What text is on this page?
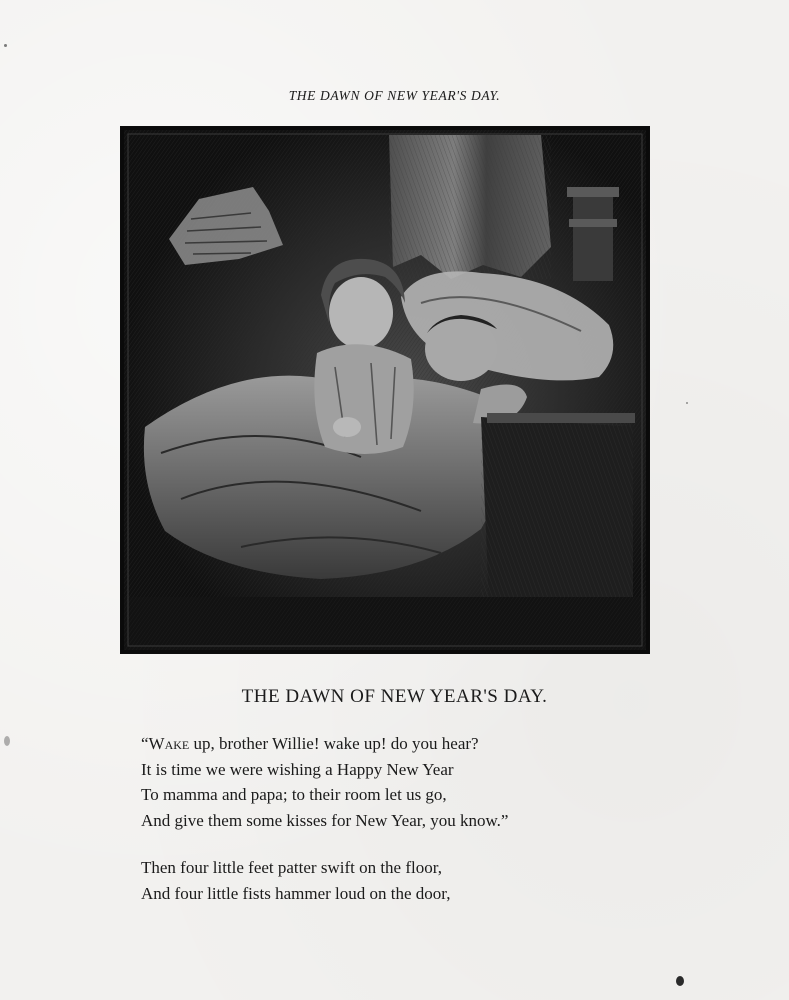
THE DAWN OF NEW YEAR'S DAY.
THE DAWN OF NEW YEAR'S DAY.
“Wake up, brother Willie! wake up! do you hear?
It is time we were wishing a Happy New Year
To mamma and papa; to their room let us go,
And give them some kisses for New Year, you know.”
Then four little feet patter swift on the floor,
And four little fists hammer loud on the door,
